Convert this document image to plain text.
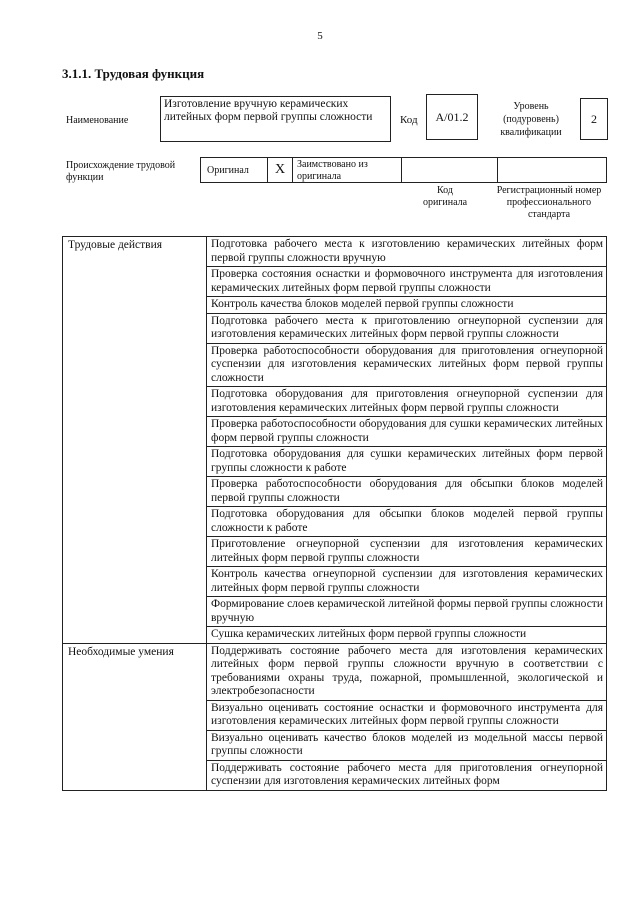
5
3.1.1. Трудовая функция
Наименование
Изготовление вручную керамических литейных форм первой группы сложности	Код	A/01.2
Уровень (подуровень) квалификации
2
Происхождение трудовой функции
Оригинал	X	Заимствовано из оригинала
Код оригинала
Регистрационный номер профессионального стандарта
Трудовые действия	Подготовка рабочего места к изготовлению керамических литейных форм первой группы сложности вручную
	Проверка состояния оснастки и формовочного инструмента для изготовления керамических литейных форм первой группы сложности
	Контроль качества блоков моделей первой группы сложности
	Подготовка рабочего места к приготовлению огнеупорной суспензии для изготовления керамических литейных форм первой группы сложности
	Проверка работоспособности оборудования для приготовления огнеупорной суспензии для изготовления керамических литейных форм первой группы сложности
	Подготовка оборудования для приготовления огнеупорной суспензии для изготовления керамических литейных форм первой группы сложности
	Проверка работоспособности оборудования для сушки керамических литейных форм первой группы сложности
	Подготовка оборудования для сушки керамических литейных форм первой группы сложности к работе
	Проверка работоспособности оборудования для обсыпки блоков моделей первой группы сложности
	Подготовка оборудования для обсыпки блоков моделей первой группы сложности к работе
	Приготовление огнеупорной суспензии для изготовления керамических литейных форм первой группы сложности
	Контроль качества огнеупорной суспензии для изготовления керамических литейных форм первой группы сложности
	Формирование слоев керамической литейной формы первой группы сложности вручную
	Сушка керамических литейных форм первой группы сложности
Необходимые умения	Поддерживать состояние рабочего места для изготовления керамических литейных форм первой группы сложности вручную в соответствии с требованиями охраны труда, пожарной, промышленной, экологической и электробезопасности
	Визуально оценивать состояние оснастки и формовочного инструмента для изготовления керамических литейных форм первой группы сложности
	Визуально оценивать качество блоков моделей из модельной массы первой группы сложности
	Поддерживать состояние рабочего места для приготовления огнеупорной суспензии для изготовления керамических литейных форм
